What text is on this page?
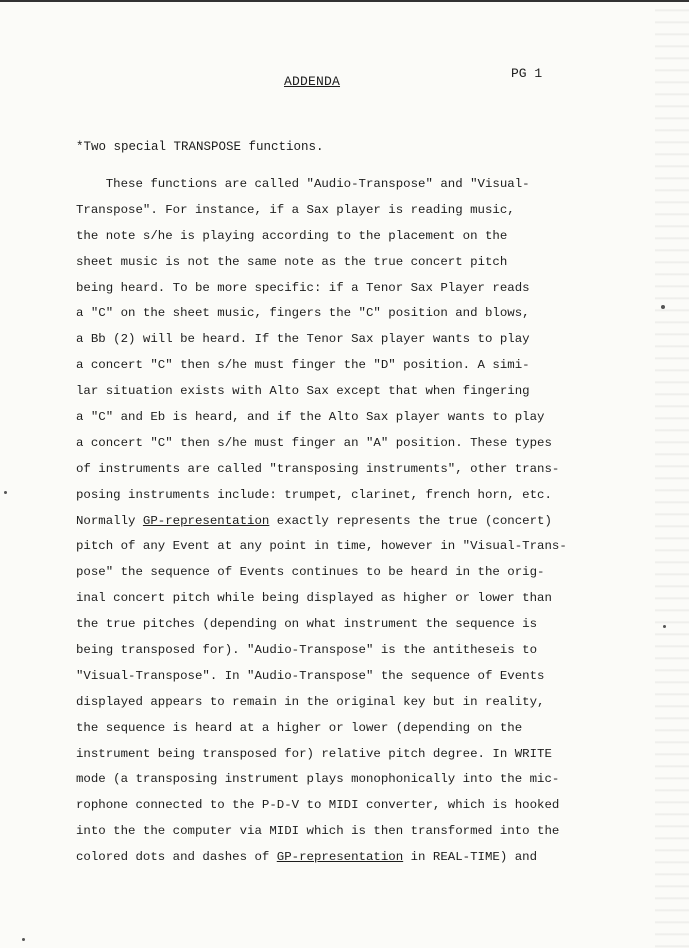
ADDENDA
PG 1
*Two special TRANSPOSE functions.
These functions are called "Audio-Transpose" and "Visual-
Transpose". For instance, if a Sax player is reading music,
the note s/he is playing according to the placement on the
sheet music is not the same note as the true concert pitch
being heard. To be more specific: if a Tenor Sax Player reads
a "C" on the sheet music, fingers the "C" position and blows,
a Bb (2) will be heard. If the Tenor Sax player wants to play
a concert "C" then s/he must finger the "D" position. A simi-
lar situation exists with Alto Sax except that when fingering
a "C" and Eb is heard, and if the Alto Sax player wants to play
a concert "C" then s/he must finger an "A" position. These types
of instruments are called "transposing instruments", other trans-
posing instruments include: trumpet, clarinet, french horn, etc.
Normally GP-representation exactly represents the true (concert)
pitch of any Event at any point in time, however in "Visual-Trans-
pose" the sequence of Events continues to be heard in the orig-
inal concert pitch while being displayed as higher or lower than
the true pitches (depending on what instrument the sequence is
being transposed for). "Audio-Transpose" is the antitheseis to
"Visual-Transpose". In "Audio-Transpose" the sequence of Events
displayed appears to remain in the original key but in reality,
the sequence is heard at a higher or lower (depending on the
instrument being transposed for) relative pitch degree. In WRITE
mode (a transposing instrument plays monophonically into the mic-
rophone connected to the P-D-V to MIDI converter, which is hooked
into the the computer via MIDI which is then transformed into the
colored dots and dashes of GP-representation in REAL-TIME) and
